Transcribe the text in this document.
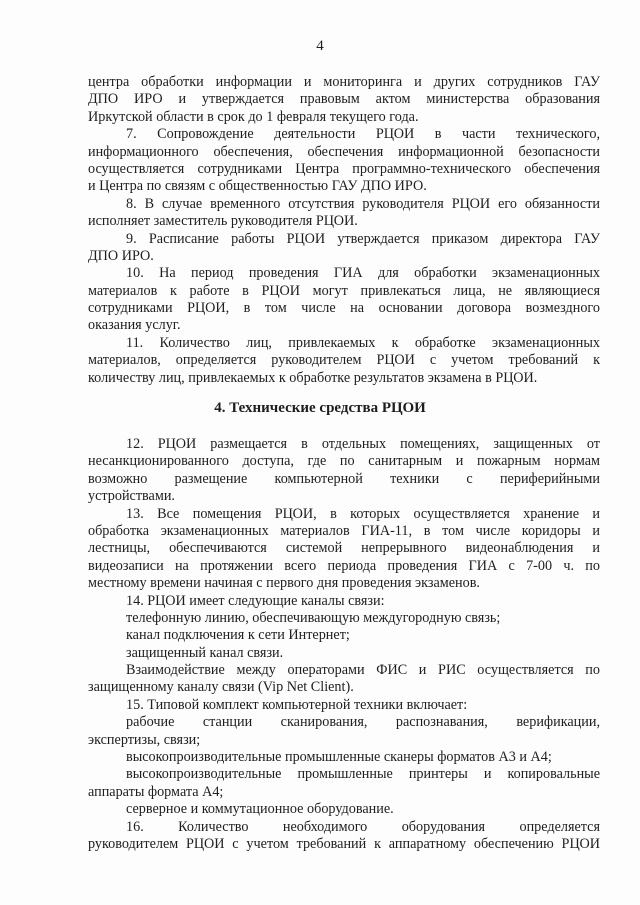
4
центра обработки информации и мониторинга и других сотрудников ГАУ
ДПО ИРО и утверждается правовым актом министерства образования
Иркутской области в срок до 1 февраля текущего года.
7. Сопровождение деятельности РЦОИ в части технического,
информационного обеспечения, обеспечения информационной безопасности
осуществляется сотрудниками Центра программно-технического обеспечения
и Центра по связям с общественностью ГАУ ДПО ИРО.
8. В случае временного отсутствия руководителя РЦОИ его обязанности
исполняет заместитель руководителя РЦОИ.
9. Расписание работы РЦОИ утверждается приказом директора ГАУ
ДПО ИРО.
10. На период проведения ГИА для обработки экзаменационных
материалов к работе в РЦОИ могут привлекаться лица, не являющиеся
сотрудниками РЦОИ, в том числе на основании договора возмездного
оказания услуг.
11. Количество лиц, привлекаемых к обработке экзаменационных
материалов, определяется руководителем РЦОИ с учетом требований к
количеству лиц, привлекаемых к обработке результатов экзамена в РЦОИ.
4. Технические средства РЦОИ
12. РЦОИ размещается в отдельных помещениях, защищенных от
несанкционированного доступа, где по санитарным и пожарным нормам
возможно размещение компьютерной техники с периферийными
устройствами.
13. Все помещения РЦОИ, в которых осуществляется хранение и
обработка экзаменационных материалов ГИА-11, в том числе коридоры и
лестницы, обеспечиваются системой непрерывного видеонаблюдения и
видеозаписи на протяжении всего периода проведения ГИА с 7-00 ч. по
местному времени начиная с первого дня проведения экзаменов.
14. РЦОИ имеет следующие каналы связи:
телефонную линию, обеспечивающую междугородную связь;
канал подключения к сети Интернет;
защищенный канал связи.
Взаимодействие между операторами ФИС и РИС осуществляется по
защищенному каналу связи (Vip Net Client).
15. Типовой комплект компьютерной техники включает:
рабочие станции сканирования, распознавания, верификации,
экспертизы, связи;
высокопроизводительные промышленные сканеры форматов А3 и А4;
высокопроизводительные промышленные принтеры и копировальные
аппараты формата А4;
серверное и коммутационное оборудование.
16. Количество необходимого оборудования определяется
руководителем РЦОИ с учетом требований к аппаратному обеспечению РЦОИ
